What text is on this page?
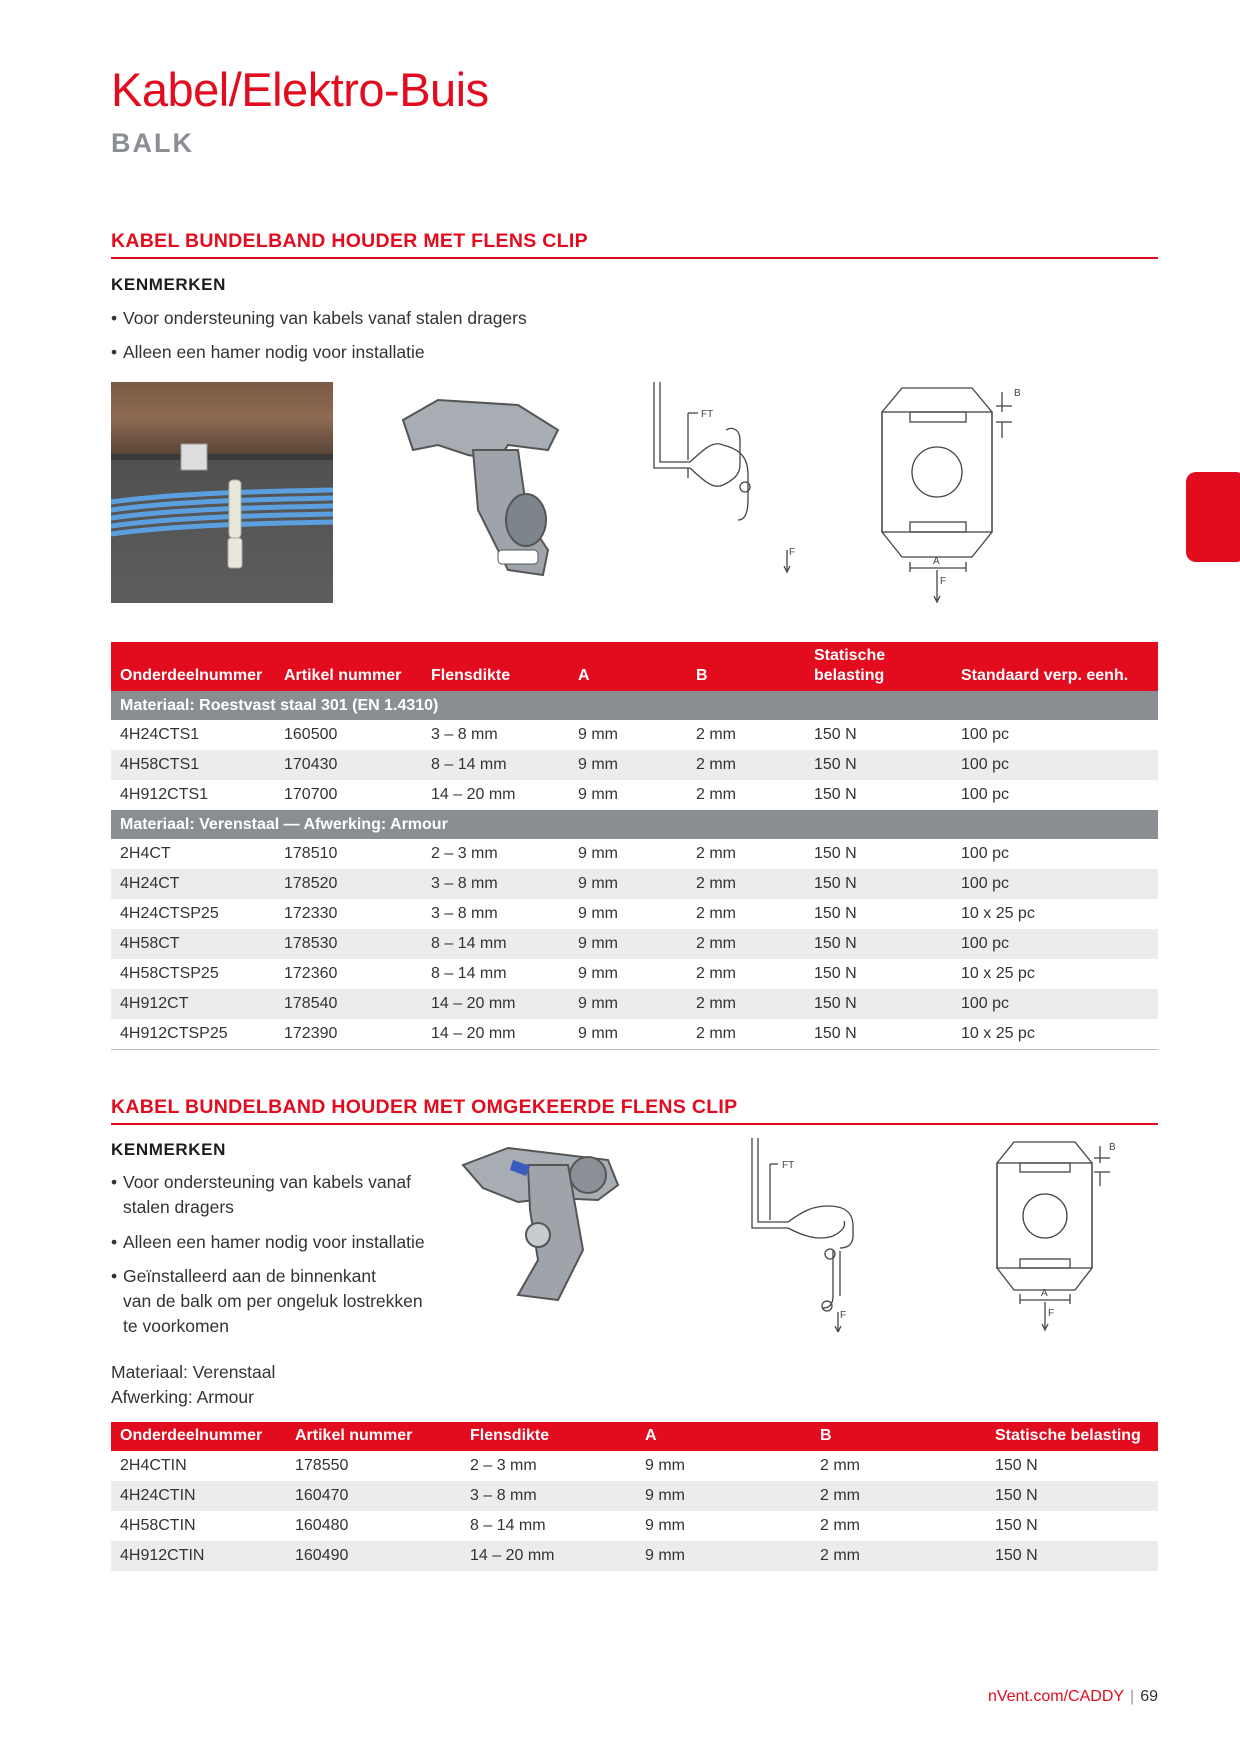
Kabel/Elektro-Buis
BALK
KABEL BUNDELBAND HOUDER MET FLENS CLIP
KENMERKEN
• Voor ondersteuning van kabels vanaf stalen dragers
• Alleen een hamer nodig voor installatie
FT
F
B
A
F
Onderdeelnummer	Artikel nummer	Flensdikte	A	B	Statische
belasting	Standaard verp. eenh.
Materiaal: Roestvast staal 301 (EN 1.4310)						
4H24CTS1	160500	3 – 8 mm	9 mm	2 mm	150 N	100 pc
4H58CTS1	170430	8 – 14 mm	9 mm	2 mm	150 N	100 pc
4H912CTS1	170700	14 – 20 mm	9 mm	2 mm	150 N	100 pc
Materiaal: Verenstaal — Afwerking: Armour						
2H4CT	178510	2 – 3 mm	9 mm	2 mm	150 N	100 pc
4H24CT	178520	3 – 8 mm	9 mm	2 mm	150 N	100 pc
4H24CTSP25	172330	3 – 8 mm	9 mm	2 mm	150 N	10 x 25 pc
4H58CT	178530	8 – 14 mm	9 mm	2 mm	150 N	100 pc
4H58CTSP25	172360	8 – 14 mm	9 mm	2 mm	150 N	10 x 25 pc
4H912CT	178540	14 – 20 mm	9 mm	2 mm	150 N	100 pc
4H912CTSP25	172390	14 – 20 mm	9 mm	2 mm	150 N	10 x 25 pc
KABEL BUNDELBAND HOUDER MET OMGEKEERDE FLENS CLIP
KENMERKEN
• Voor ondersteuning van kabels vanaf
stalen dragers
• Alleen een hamer nodig voor installatie
• Geïnstalleerd aan de binnenkant
van de balk om per ongeluk lostrekken
te voorkomen
Materiaal: Verenstaal
Afwerking: Armour
FT
F
B
A
F
Onderdeelnummer	Artikel nummer	Flensdikte	A	B	Statische belasting
2H4CTIN	178550	2 – 3 mm	9 mm	2 mm	150 N
4H24CTIN	160470	3 – 8 mm	9 mm	2 mm	150 N
4H58CTIN	160480	8 – 14 mm	9 mm	2 mm	150 N
4H912CTIN	160490	14 – 20 mm	9 mm	2 mm	150 N
nVent.com/CADDY | 69
